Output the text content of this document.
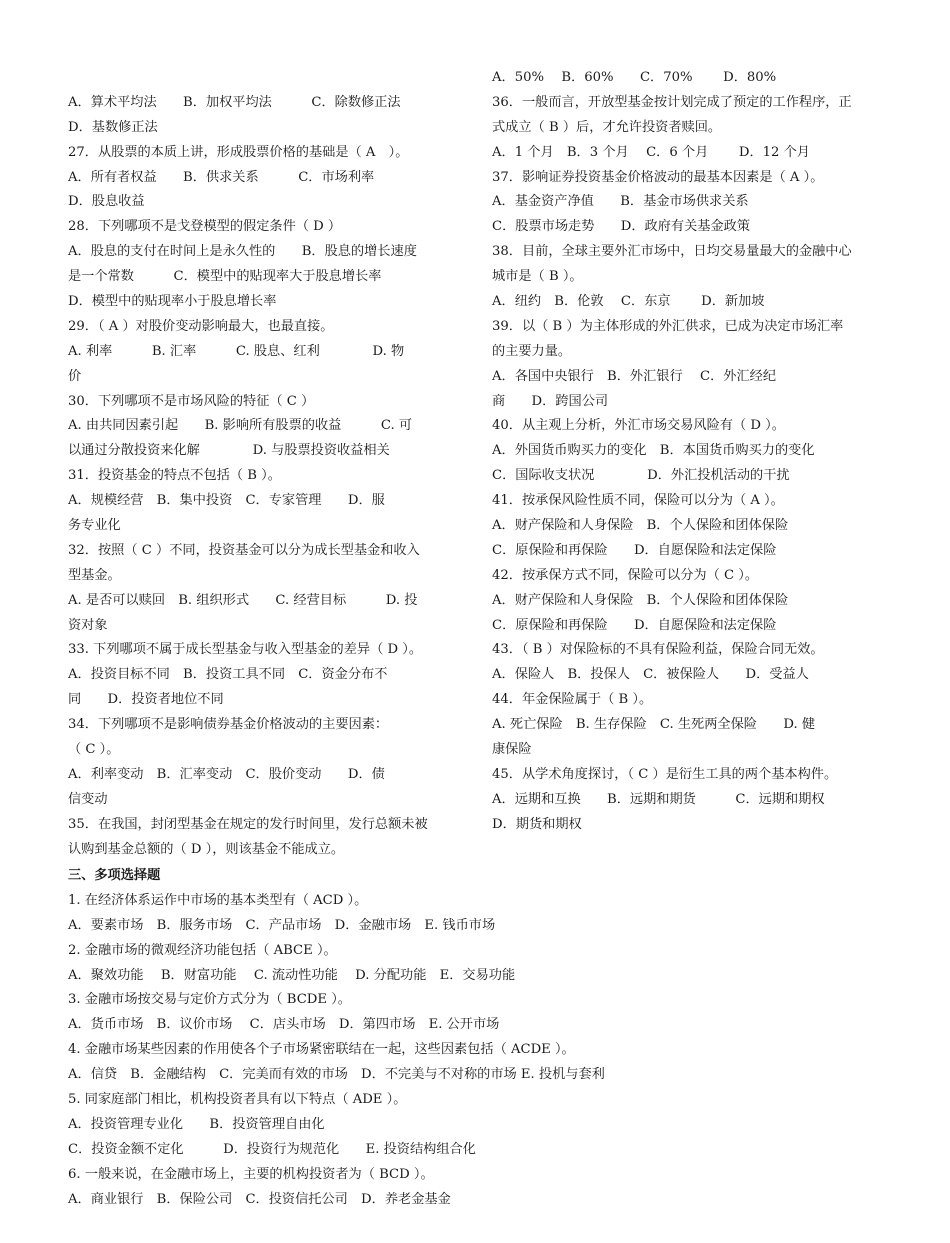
A．算术平均法　　B．加权平均法　　　C．除数修正法
D．基数修正法
27．从股票的本质上讲，形成股票价格的基础是（ A　）。
A．所有者权益　　B．供求关系　　　C．市场利率
D．股息收益
28．下列哪项不是戈登模型的假定条件（ D ）
A．股息的支付在时间上是永久性的　　B．股息的增长速度
是一个常数　　　C．模型中的贴现率大于股息增长率
D．模型中的贴现率小于股息增长率
29．（ A ）对股价变动影响最大，也最直接。
A. 利率　　　B. 汇率　　　C. 股息、红利　　　　D. 物
价
30．下列哪项不是市场风险的特征（ C ）
A. 由共同因素引起　　B. 影响所有股票的收益　　　C. 可
以通过分散投资来化解　　　　D. 与股票投资收益相关
31．投资基金的特点不包括（ B ）。
A．规模经营　B．集中投资　C．专家管理　　D．服
务专业化
32．按照（ C ）不同，投资基金可以分为成长型基金和收入
型基金。
A. 是否可以赎回　B. 组织形式　　C. 经营目标　　　D. 投
资对象
33. 下列哪项不属于成长型基金与收入型基金的差异（ D ）。
A．投资目标不同　B．投资工具不同　C．资金分布不
同　　D．投资者地位不同
34．下列哪项不是影响债券基金价格波动的主要因素：
（ C ）。
A．利率变动　B．汇率变动　C．股价变动　　D．债
信变动
35．在我国，封闭型基金在规定的发行时间里，发行总额未被
认购到基金总额的（ D ），则该基金不能成立。
A．50%　 B．60%　　C．70%　　 D．80%
36．一般而言，开放型基金按计划完成了预定的工作程序，正
式成立（ B ）后，才允许投资者赎回。
A．1 个月　B．3 个月　 C．6 个月　　 D．12 个月
37．影响证券投资基金价格波动的最基本因素是（ A ）。
A．基金资产净值　　B．基金市场供求关系
C．股票市场走势　　D．政府有关基金政策
38．目前，全球主要外汇市场中，日均交易量最大的金融中心
城市是（ B ）。
A．纽约　B．伦敦　 C．东京　　 D．新加坡
39．以（ B ）为主体形成的外汇供求，已成为决定市场汇率
的主要力量。
A．各国中央银行　B．外汇银行　 C．外汇经纪
商　　D．跨国公司
40．从主观上分析，外汇市场交易风险有（ D ）。
A．外国货币购买力的变化　B．本国货币购买力的变化
C．国际收支状况　　　　D．外汇投机活动的干扰
41．按承保风险性质不同，保险可以分为（ A ）。
A．财产保险和人身保险　B．个人保险和团体保险
C．原保险和再保险　　D．自愿保险和法定保险
42．按承保方式不同，保险可以分为（ C ）。
A．财产保险和人身保险　B．个人保险和团体保险
C．原保险和再保险　　D．自愿保险和法定保险
43．（ B ）对保险标的不具有保险利益，保险合同无效。
A．保险人　B．投保人　C．被保险人　　D．受益人
44．年金保险属于（ B ）。
A. 死亡保险　B. 生存保险　C. 生死两全保险　　D. 健
康保险
45．从学术角度探讨，（ C ）是衍生工具的两个基本构件。
A．远期和互换　　B．远期和期货　　　C．远期和期权
D．期货和期权
三、多项选择题
1. 在经济体系运作中市场的基本类型有（ ACD ）。
A．要素市场　B．服务市场　C．产品市场　D．金融市场　E. 钱币市场
2. 金融市场的微观经济功能包括（ ABCE ）。
A．聚效功能　 B．财富功能　 C. 流动性功能　 D. 分配功能　E．交易功能
3. 金融市场按交易与定价方式分为（ BCDE ）。
A．货币市场　B．议价市场　 C．店头市场　D．第四市场　E. 公开市场
4. 金融市场某些因素的作用使各个子市场紧密联结在一起，这些因素包括（ ACDE ）。
A．信贷　B．金融结构　C．完美而有效的市场　D．不完美与不对称的市场 E. 投机与套利
5. 同家庭部门相比，机构投资者具有以下特点（ ADE ）。
A．投资管理专业化　　B．投资管理自由化
C．投资金额不定化　　　D．投资行为规范化　　E. 投资结构组合化
6. 一般来说，在金融市场上，主要的机构投资者为（ BCD ）。
A．商业银行　B．保险公司　C．投资信托公司　D．养老金基金
